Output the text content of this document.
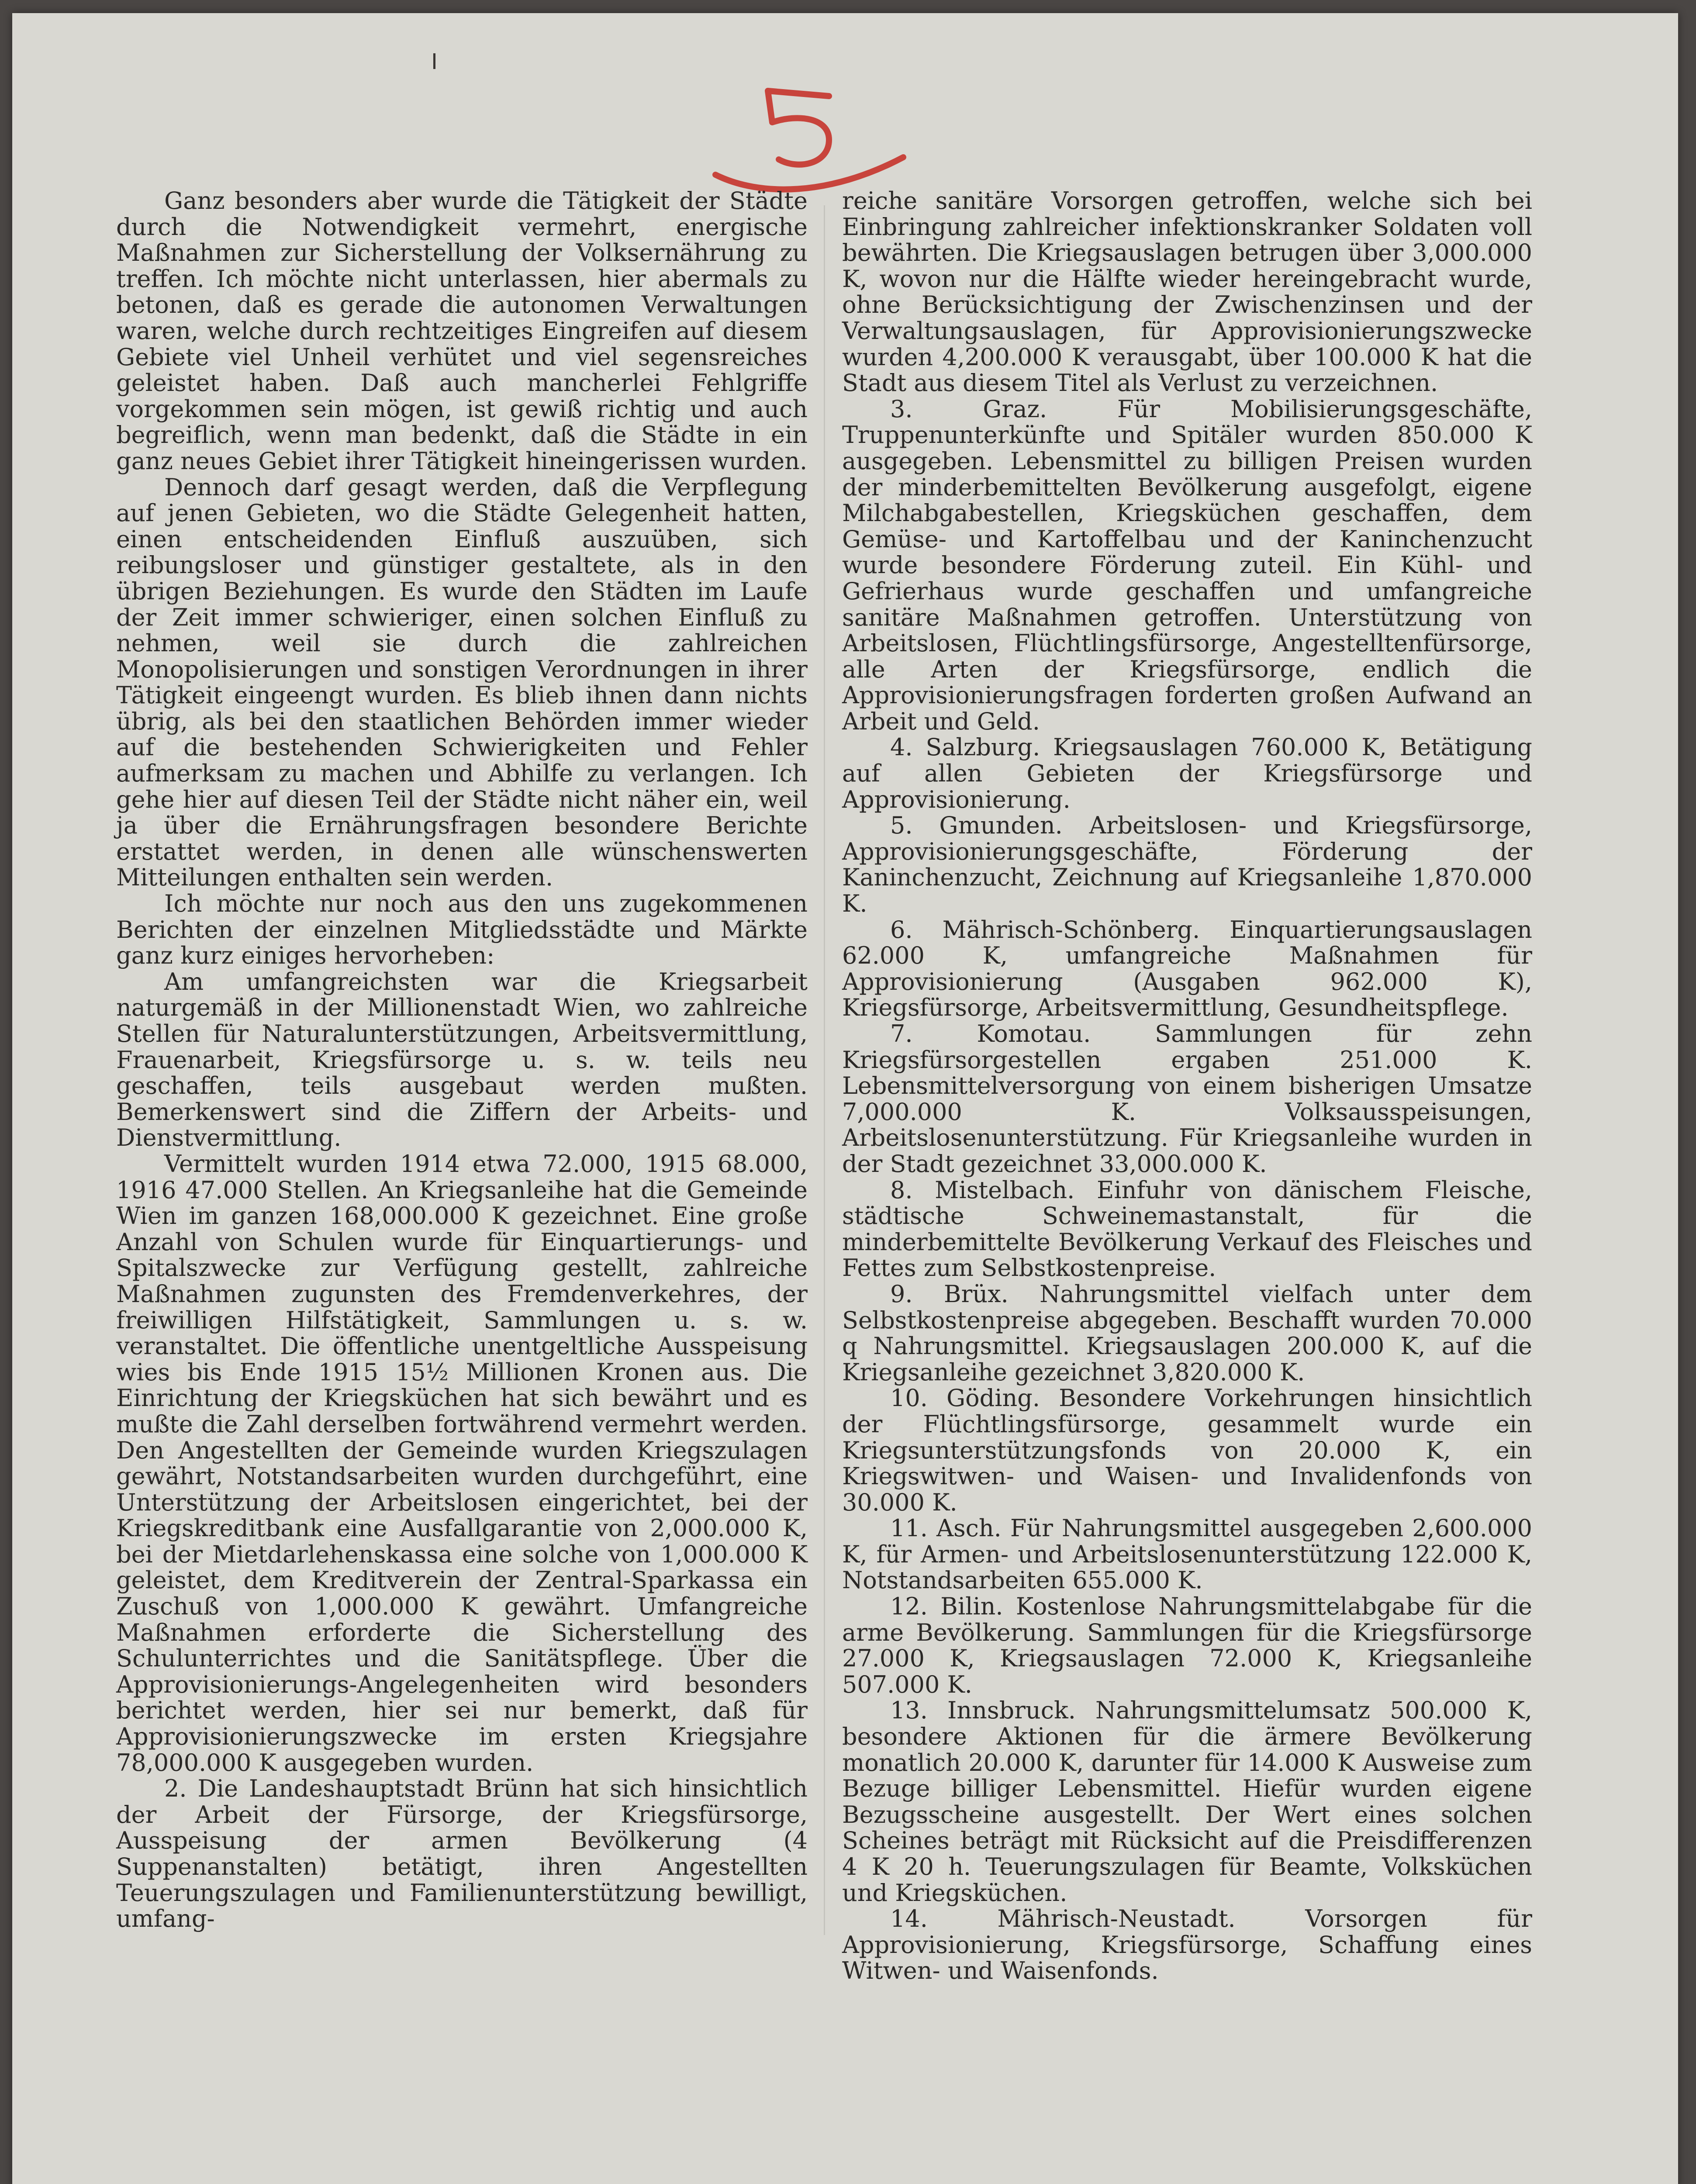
Ganz besonders aber wurde die Tätigkeit der Städte durch die Notwendigkeit vermehrt, energische Maßnahmen zur Sicherstellung der Volksernährung zu treffen. Ich möchte nicht unterlassen, hier abermals zu betonen, daß es gerade die autonomen Verwaltungen waren, welche durch rechtzeitiges Eingreifen auf diesem Gebiete viel Unheil verhütet und viel segensreiches geleistet haben. Daß auch mancherlei Fehlgriffe vorgekommen sein mögen, ist gewiß richtig und auch begreiflich, wenn man bedenkt, daß die Städte in ein ganz neues Gebiet ihrer Tätigkeit hineingerissen wurden.

Dennoch darf gesagt werden, daß die Verpflegung auf jenen Gebieten, wo die Städte Gelegenheit hatten, einen entscheidenden Einfluß auszuüben, sich reibungsloser und günstiger gestaltete, als in den übrigen Beziehungen. Es wurde den Städten im Laufe der Zeit immer schwieriger, einen solchen Einfluß zu nehmen, weil sie durch die zahlreichen Monopolisierungen und sonstigen Verordnungen in ihrer Tätigkeit eingeengt wurden. Es blieb ihnen dann nichts übrig, als bei den staatlichen Behörden immer wieder auf die bestehenden Schwierigkeiten und Fehler aufmerksam zu machen und Abhilfe zu verlangen. Ich gehe hier auf diesen Teil der Städte nicht näher ein, weil ja über die Ernährungsfragen besondere Berichte erstattet werden, in denen alle wünschenswerten Mitteilungen enthalten sein werden.

Ich möchte nur noch aus den uns zugekommenen Berichten der einzelnen Mitgliedsstädte und Märkte ganz kurz einiges hervorheben:

Am umfangreichsten war die Kriegsarbeit naturgemäß in der Millionenstadt Wien, wo zahlreiche Stellen für Naturalunterstützungen, Arbeitsvermittlung, Frauenarbeit, Kriegsfürsorge u. s. w. teils neu geschaffen, teils ausgebaut werden mußten. Bemerkenswert sind die Ziffern der Arbeits- und Dienstvermittlung.

Vermittelt wurden 1914 etwa 72.000, 1915 68.000, 1916 47.000 Stellen. An Kriegsanleihe hat die Gemeinde Wien im ganzen 168,000.000 K gezeichnet. Eine große Anzahl von Schulen wurde für Einquartierungs- und Spitalszwecke zur Verfügung gestellt, zahlreiche Maßnahmen zugunsten des Fremdenverkehres, der freiwilligen Hilfstätigkeit, Sammlungen u. s. w. veranstaltet. Die öffentliche unentgeltliche Ausspeisung wies bis Ende 1915 15½ Millionen Kronen aus. Die Einrichtung der Kriegsküchen hat sich bewährt und es mußte die Zahl derselben fortwährend vermehrt werden. Den Angestellten der Gemeinde wurden Kriegszulagen gewährt, Notstandsarbeiten wurden durchgeführt, eine Unterstützung der Arbeitslosen eingerichtet, bei der Kriegskreditbank eine Ausfallgarantie von 2,000.000 K, bei der Mietdarlehenskassa eine solche von 1,000.000 K geleistet, dem Kreditverein der Zentral-Sparkassa ein Zuschuß von 1,000.000 K gewährt. Umfangreiche Maßnahmen erforderte die Sicherstellung des Schulunterrichtes und die Sanitätspflege. Über die Approvisionierungs-Angelegenheiten wird besonders berichtet werden, hier sei nur bemerkt, daß für Approvisionierungszwecke im ersten Kriegsjahre 78,000.000 K ausgegeben wurden.

2. Die Landeshauptstadt Brünn hat sich hinsichtlich der Arbeit der Fürsorge, der Kriegsfürsorge, Ausspeisung der armen Bevölkerung (4 Suppenanstalten) betätigt, ihren Angestellten Teuerungszulagen und Familienunterstützung bewilligt, umfang-

reiche sanitäre Vorsorgen getroffen, welche sich bei Einbringung zahlreicher infektionskranker Soldaten voll bewährten. Die Kriegsauslagen betrugen über 3,000.000 K, wovon nur die Hälfte wieder hereingebracht wurde, ohne Berücksichtigung der Zwischenzinsen und der Verwaltungsauslagen, für Approvisionierungszwecke wurden 4,200.000 K verausgabt, über 100.000 K hat die Stadt aus diesem Titel als Verlust zu verzeichnen.

3. Graz. Für Mobilisierungsgeschäfte, Truppenunterkünfte und Spitäler wurden 850.000 K ausgegeben. Lebensmittel zu billigen Preisen wurden der minderbemittelten Bevölkerung ausgefolgt, eigene Milchabgabestellen, Kriegsküchen geschaffen, dem Gemüse- und Kartoffelbau und der Kaninchenzucht wurde besondere Förderung zuteil. Ein Kühl- und Gefrierhaus wurde geschaffen und umfangreiche sanitäre Maßnahmen getroffen. Unterstützung von Arbeitslosen, Flüchtlingsfürsorge, Angestelltenfürsorge, alle Arten der Kriegsfürsorge, endlich die Approvisionierungsfragen forderten großen Aufwand an Arbeit und Geld.

4. Salzburg. Kriegsauslagen 760.000 K, Betätigung auf allen Gebieten der Kriegsfürsorge und Approvisionierung.

5. Gmunden. Arbeitslosen- und Kriegsfürsorge, Approvisionierungsgeschäfte, Förderung der Kaninchenzucht, Zeichnung auf Kriegsanleihe 1,870.000 K.

6. Mährisch-Schönberg. Einquartierungsauslagen 62.000 K, umfangreiche Maßnahmen für Approvisionierung (Ausgaben 962.000 K), Kriegsfürsorge, Arbeitsvermittlung, Gesundheitspflege.

7. Komotau. Sammlungen für zehn Kriegsfürsorgestellen ergaben 251.000 K. Lebensmittelversorgung von einem bisherigen Umsatze 7,000.000 K. Volksausspeisungen, Arbeitslosenunterstützung. Für Kriegsanleihe wurden in der Stadt gezeichnet 33,000.000 K.

8. Mistelbach. Einfuhr von dänischem Fleische, städtische Schweinemastanstalt, für die minderbemittelte Bevölkerung Verkauf des Fleisches und Fettes zum Selbstkostenpreise.

9. Brüx. Nahrungsmittel vielfach unter dem Selbstkostenpreise abgegeben. Beschafft wurden 70.000 q Nahrungsmittel. Kriegsauslagen 200.000 K, auf die Kriegsanleihe gezeichnet 3,820.000 K.

10. Göding. Besondere Vorkehrungen hinsichtlich der Flüchtlingsfürsorge, gesammelt wurde ein Kriegsunterstützungsfonds von 20.000 K, ein Kriegswitwen- und Waisen- und Invalidenfonds von 30.000 K.

11. Asch. Für Nahrungsmittel ausgegeben 2,600.000 K, für Armen- und Arbeitslosenunterstützung 122.000 K, Notstandsarbeiten 655.000 K.

12. Bilin. Kostenlose Nahrungsmittelabgabe für die arme Bevölkerung. Sammlungen für die Kriegsfürsorge 27.000 K, Kriegsauslagen 72.000 K, Kriegsanleihe 507.000 K.

13. Innsbruck. Nahrungsmittelumsatz 500.000 K, besondere Aktionen für die ärmere Bevölkerung monatlich 20.000 K, darunter für 14.000 K Ausweise zum Bezuge billiger Lebensmittel. Hiefür wurden eigene Bezugsscheine ausgestellt. Der Wert eines solchen Scheines beträgt mit Rücksicht auf die Preisdifferenzen 4 K 20 h. Teuerungszulagen für Beamte, Volksküchen und Kriegsküchen.

14. Mährisch-Neustadt. Vorsorgen für Approvisionierung, Kriegsfürsorge, Schaffung eines Witwen- und Waisenfonds.
